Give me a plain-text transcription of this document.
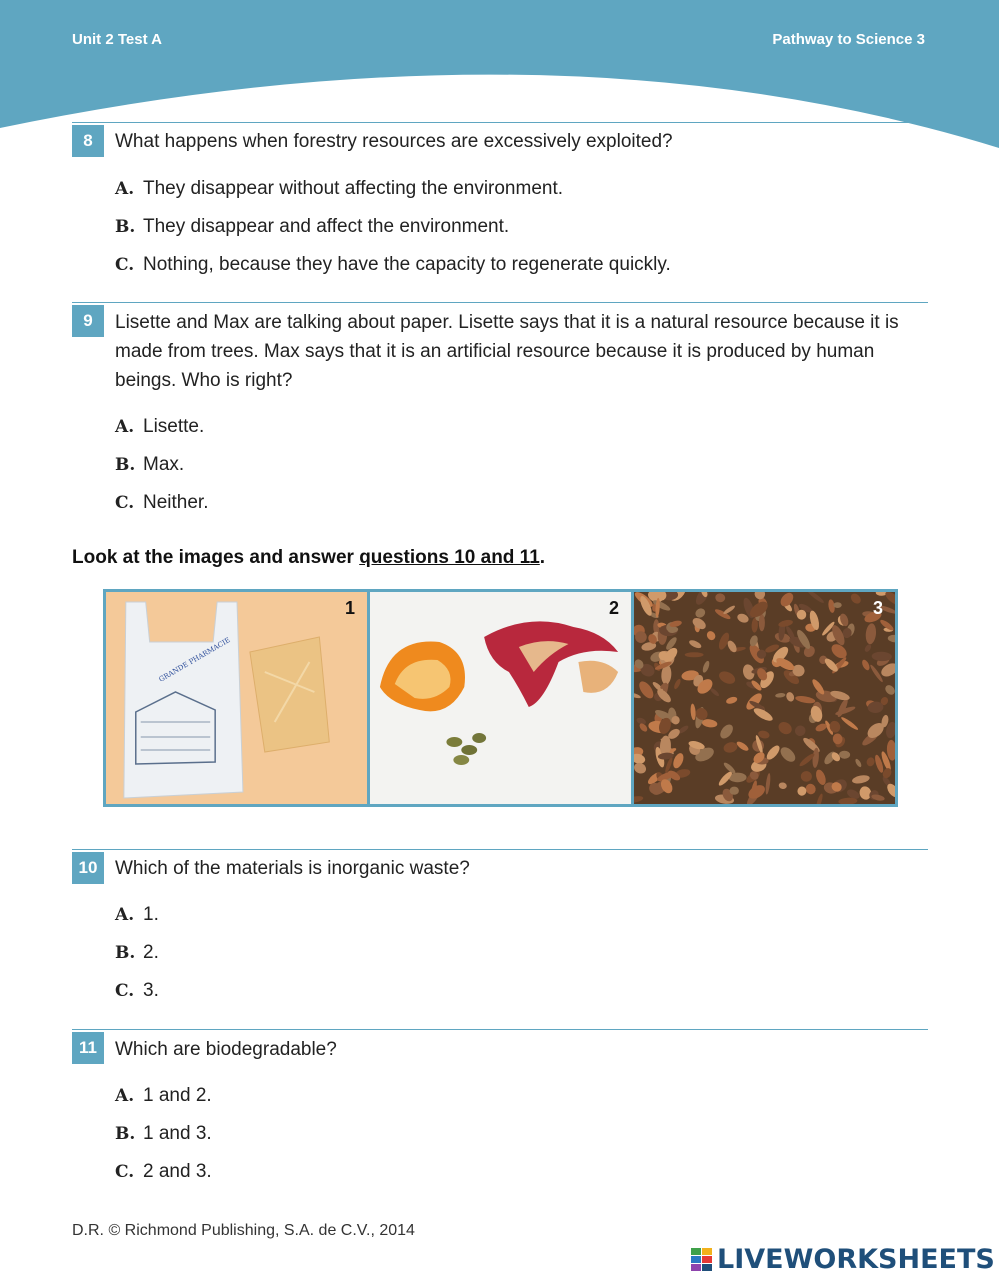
Unit 2 Test A	Pathway to Science 3
8	What happens when forestry resources are excessively exploited?
A. They disappear without affecting the environment.
B. They disappear and affect the environment.
C. Nothing, because they have the capacity to regenerate quickly.
9	Lisette and Max are talking about paper. Lisette says that it is a natural resource because it is made from trees. Max says that it is an artificial resource because it is produced by human beings. Who is right?
A. Lisette.
B. Max.
C. Neither.
Look at the images and answer questions 10 and 11.
GRANDE PHARMACIE
1	2	3
10 Which of the materials is inorganic waste?
A. 1.
B. 2.
C. 3.
11 Which are biodegradable?
A. 1 and 2.
B. 1 and 3.
C. 2 and 3.
D.R. © Richmond Publishing, S.A. de C.V., 2014
LIVEWORKSHEETS
